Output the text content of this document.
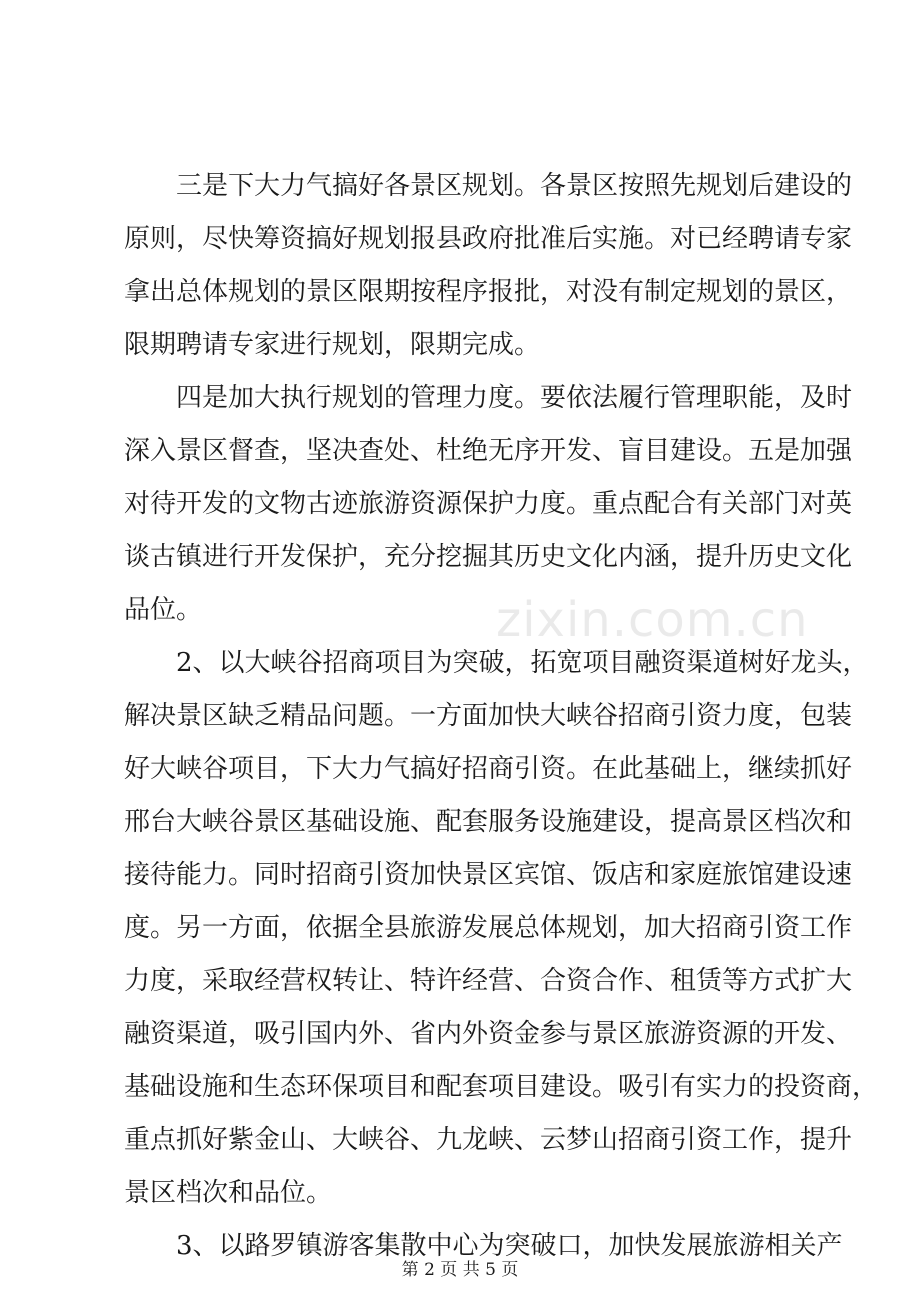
三是下大力气搞好各景区规划。各景区按照先规划后建设的
原则，尽快筹资搞好规划报县政府批准后实施。对已经聘请专家
拿出总体规划的景区限期按程序报批，对没有制定规划的景区，
限期聘请专家进行规划，限期完成。
四是加大执行规划的管理力度。要依法履行管理职能，及时
深入景区督查，坚决查处、杜绝无序开发、盲目建设。五是加强
对待开发的文物古迹旅游资源保护力度。重点配合有关部门对英
谈古镇进行开发保护，充分挖掘其历史文化内涵，提升历史文化
品位。
2、以大峡谷招商项目为突破，拓宽项目融资渠道树好龙头，
解决景区缺乏精品问题。一方面加快大峡谷招商引资力度，包装
好大峡谷项目，下大力气搞好招商引资。在此基础上，继续抓好
邢台大峡谷景区基础设施、配套服务设施建设，提高景区档次和
接待能力。同时招商引资加快景区宾馆、饭店和家庭旅馆建设速
度。另一方面，依据全县旅游发展总体规划，加大招商引资工作
力度，采取经营权转让、特许经营、合资合作、租赁等方式扩大
融资渠道，吸引国内外、省内外资金参与景区旅游资源的开发、
基础设施和生态环保项目和配套项目建设。吸引有实力的投资商，
重点抓好紫金山、大峡谷、九龙峡、云梦山招商引资工作，提升
景区档次和品位。
3、以路罗镇游客集散中心为突破口，加快发展旅游相关产
zixin.com.cn
第 2 页 共 5 页
